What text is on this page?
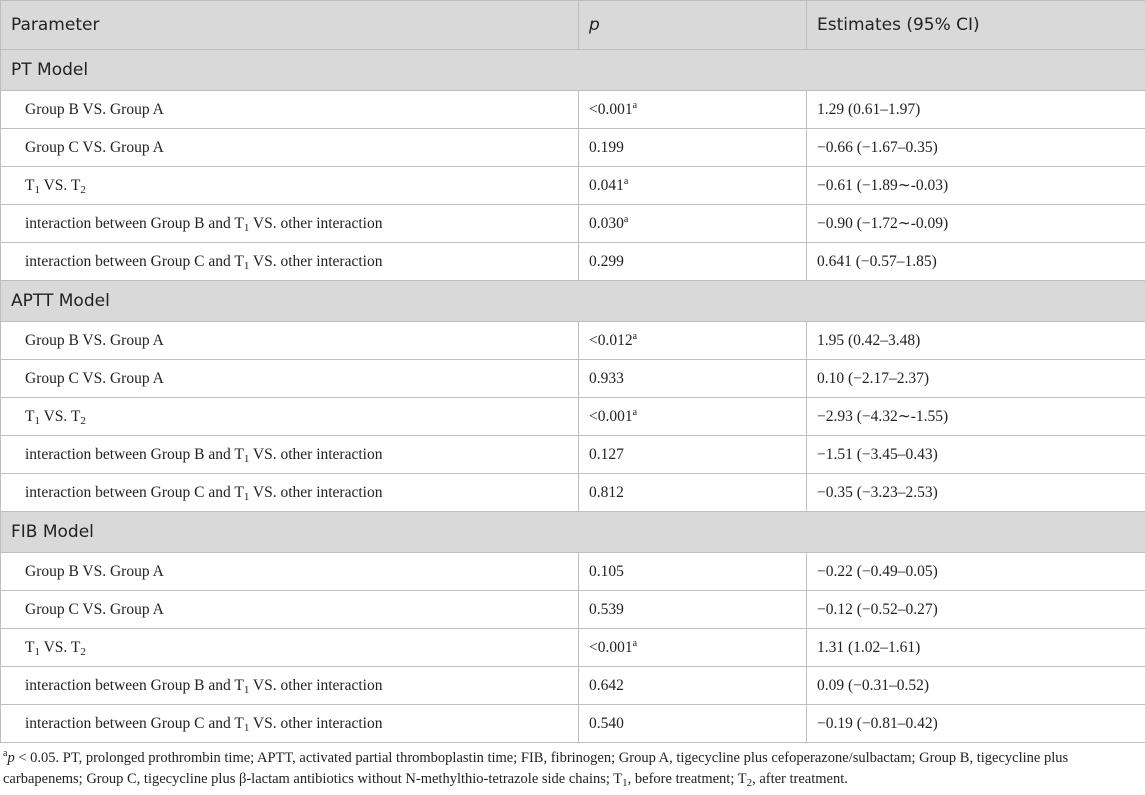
Parameter	p	Estimates (95% CI)
PT Model		
Group B VS. Group A	<0.001$^a$	1.29 (0.61–1.97)
Group C VS. Group A	0.199	−0.66 (−1.67–0.35)
$T_1$ VS. $T_2$	0.041$^a$	−0.61 (−1.89∼-0.03)
interaction between Group B and $T_1$ VS. other interaction	0.030$^a$	−0.90 (−1.72∼-0.09)
interaction between Group C and $T_1$ VS. other interaction	0.299	0.641 (−0.57–1.85)
APTT Model		
Group B VS. Group A	<0.012$^a$	1.95 (0.42–3.48)
Group C VS. Group A	0.933	0.10 (−2.17–2.37)
$T_1$ VS. $T_2$	<0.001$^a$	−2.93 (−4.32∼-1.55)
interaction between Group B and $T_1$ VS. other interaction	0.127	−1.51 (−3.45–0.43)
interaction between Group C and $T_1$ VS. other interaction	0.812	−0.35 (−3.23–2.53)
FIB Model		
Group B VS. Group A	0.105	−0.22 (−0.49–0.05)
Group C VS. Group A	0.539	−0.12 (−0.52–0.27)
$T_1$ VS. $T_2$	<0.001$^a$	1.31 (1.02–1.61)
interaction between Group B and $T_1$ VS. other interaction	0.642	0.09 (−0.31–0.52)
interaction between Group C and $T_1$ VS. other interaction	0.540	−0.19 (−0.81–0.42)
$^a$p < 0.05. PT, prolonged prothrombin time; APTT, activated partial thromboplastin time; FIB, fibrinogen; Group A, tigecycline plus cefoperazone/sulbactam; Group B, tigecycline plus carbapenems; Group C, tigecycline plus β-lactam antibiotics without N-methylthio-tetrazole side chains; $T_1$, before treatment; $T_2$, after treatment.
